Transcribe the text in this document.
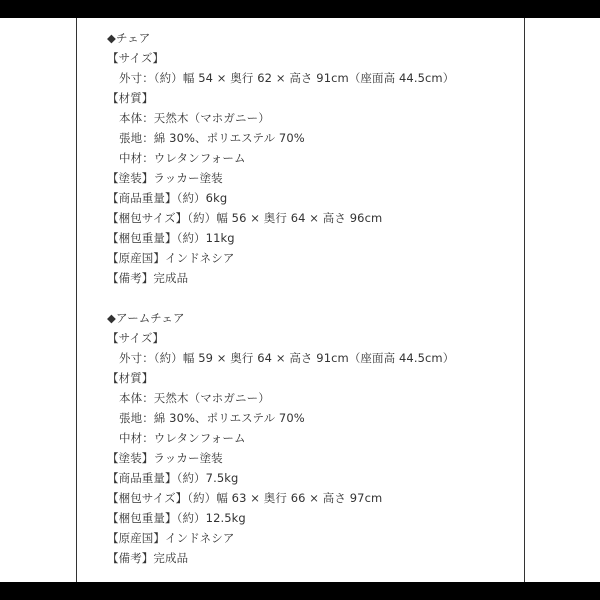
◆チェア
【サイズ】
外寸：（約）幅 54 × 奥行 62 × 高さ 91cm（座面高 44.5cm）
【材質】
本体：天然木（マホガニー）
張地：綿 30%、ポリエステル 70%
中材：ウレタンフォーム
【塗装】ラッカー塗装
【商品重量】（約）6kg
【梱包サイズ】（約）幅 56 × 奥行 64 × 高さ 96cm
【梱包重量】（約）11kg
【原産国】インドネシア
【備考】完成品
◆アームチェア
【サイズ】
外寸：（約）幅 59 × 奥行 64 × 高さ 91cm（座面高 44.5cm）
【材質】
本体：天然木（マホガニー）
張地：綿 30%、ポリエステル 70%
中材：ウレタンフォーム
【塗装】ラッカー塗装
【商品重量】（約）7.5kg
【梱包サイズ】（約）幅 63 × 奥行 66 × 高さ 97cm
【梱包重量】（約）12.5kg
【原産国】インドネシア
【備考】完成品
